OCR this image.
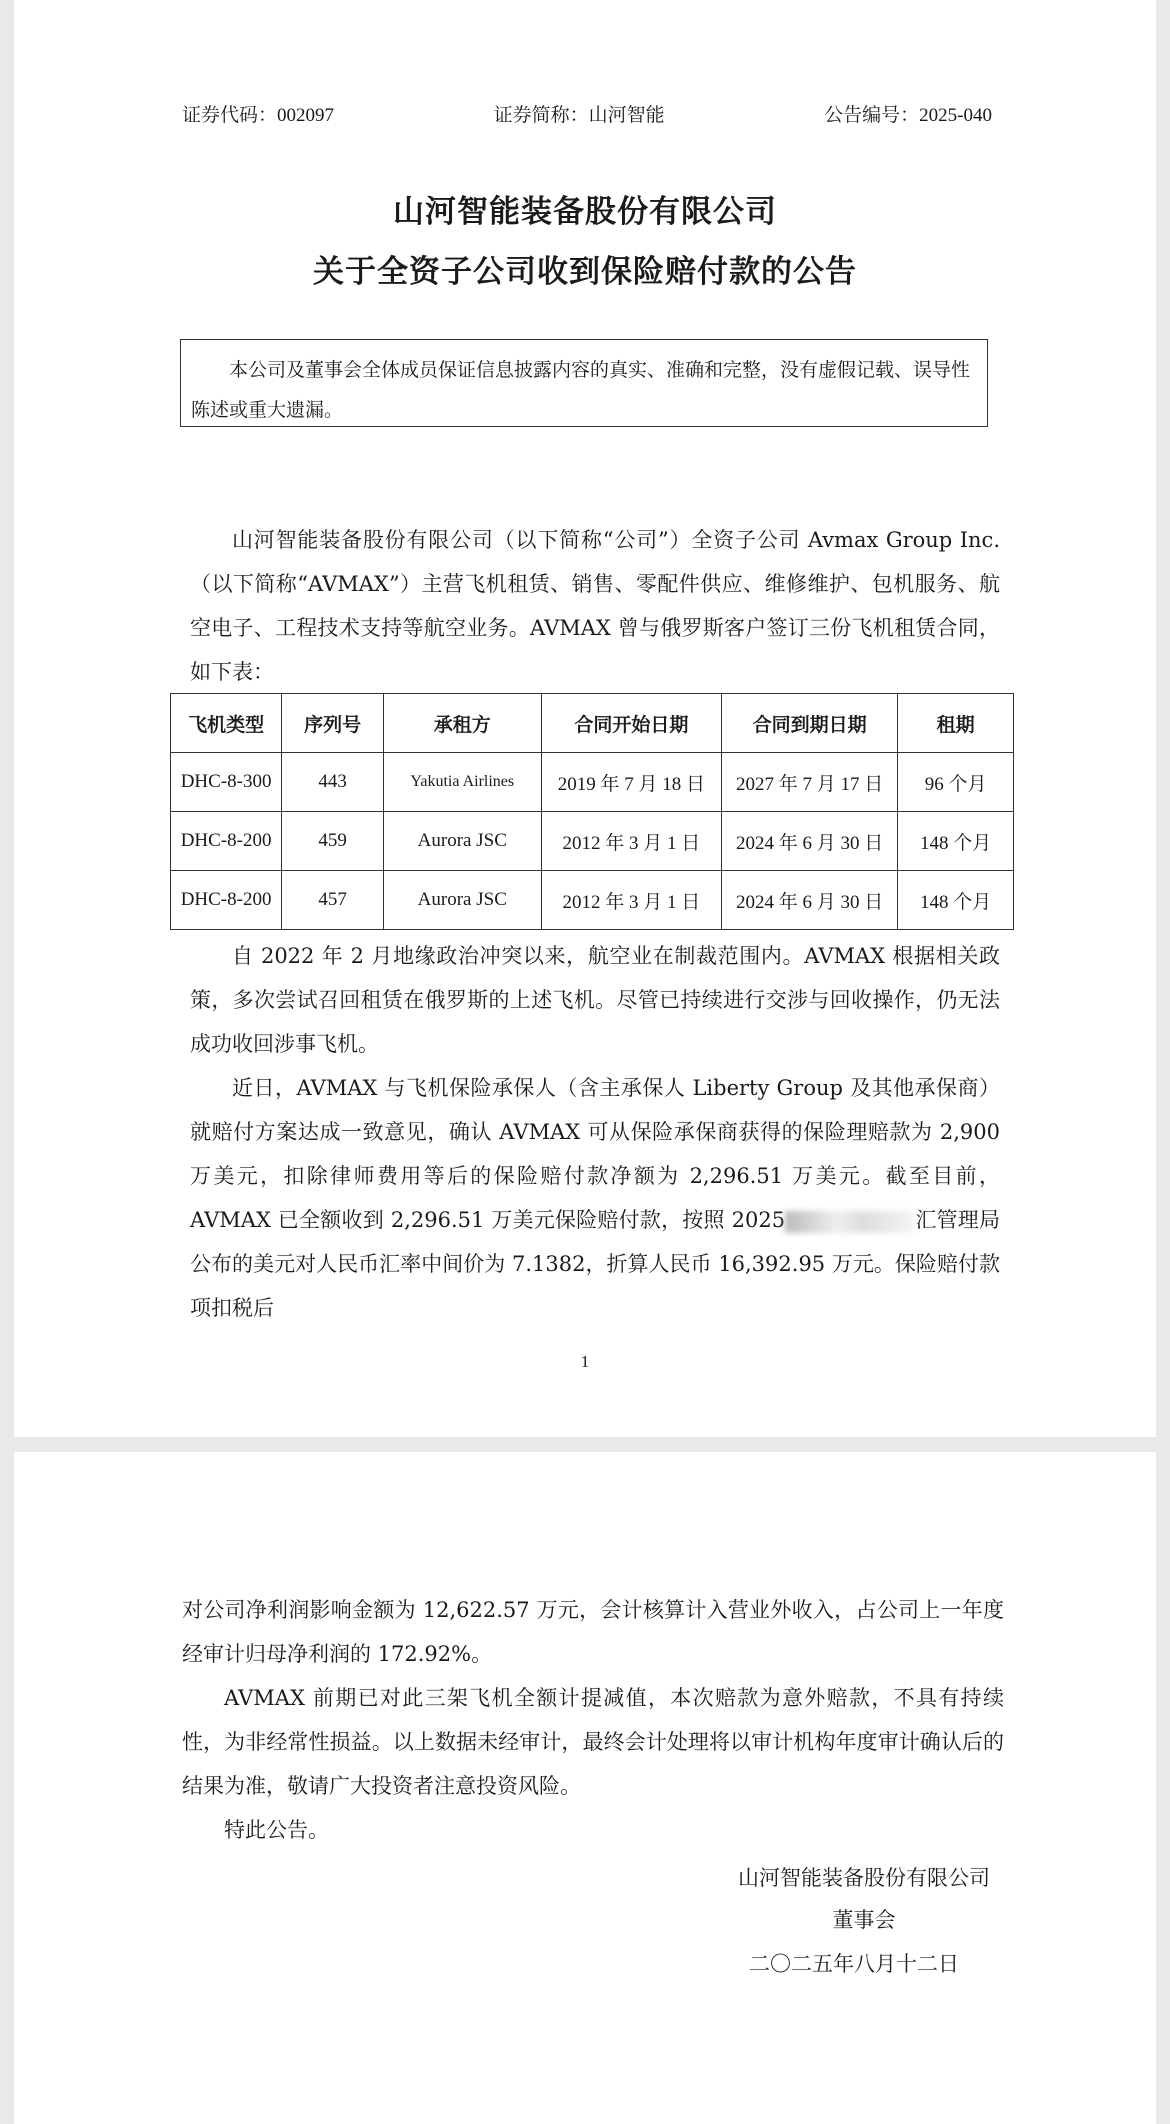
证券代码：002097	证券简称：山河智能	公告编号：2025-040
山河智能装备股份有限公司
关于全资子公司收到保险赔付款的公告
本公司及董事会全体成员保证信息披露内容的真实、准确和完整，没有虚假记载、误导性陈述或重大遗漏。
山河智能装备股份有限公司（以下简称“公司”）全资子公司 Avmax Group Inc.（以下简称“AVMAX”）主营飞机租赁、销售、零配件供应、维修维护、包机服务、航空电子、工程技术支持等航空业务。AVMAX 曾与俄罗斯客户签订三份飞机租赁合同，如下表：
飞机类型	序列号	承租方	合同开始日期	合同到期日期	租期
DHC-8-300	443	Yakutia Airlines	2019 年 7 月 18 日	2027 年 7 月 17 日	96 个月
DHC-8-200	459	Aurora JSC	2012 年 3 月 1 日	2024 年 6 月 30 日	148 个月
DHC-8-200	457	Aurora JSC	2012 年 3 月 1 日	2024 年 6 月 30 日	148 个月
自 2022 年 2 月地缘政治冲突以来，航空业在制裁范围内。AVMAX 根据相关政策，多次尝试召回租赁在俄罗斯的上述飞机。尽管已持续进行交涉与回收操作，仍无法成功收回涉事飞机。
近日，AVMAX 与飞机保险承保人（含主承保人 Liberty Group 及其他承保商）就赔付方案达成一致意见，确认 AVMAX 可从保险承保商获得的保险理赔款为 2,900 万美元，扣除律师费用等后的保险赔付款净额为 2,296.51 万美元。截至目前，AVMAX 已全额收到 2,296.51 万美元保险赔付款，按照 2025	汇管理局公布的美元对人民币汇率中间价为 7.1382，折算人民币 16,392.95 万元。保险赔付款项扣税后
1
对公司净利润影响金额为 12,622.57 万元，会计核算计入营业外收入，占公司上一年度经审计归母净利润的 172.92%。
AVMAX 前期已对此三架飞机全额计提减值，本次赔款为意外赔款，不具有持续性，为非经常性损益。以上数据未经审计，最终会计处理将以审计机构年度审计确认后的结果为准，敬请广大投资者注意投资风险。
特此公告。
山河智能装备股份有限公司
董事会
二〇二五年八月十二日
